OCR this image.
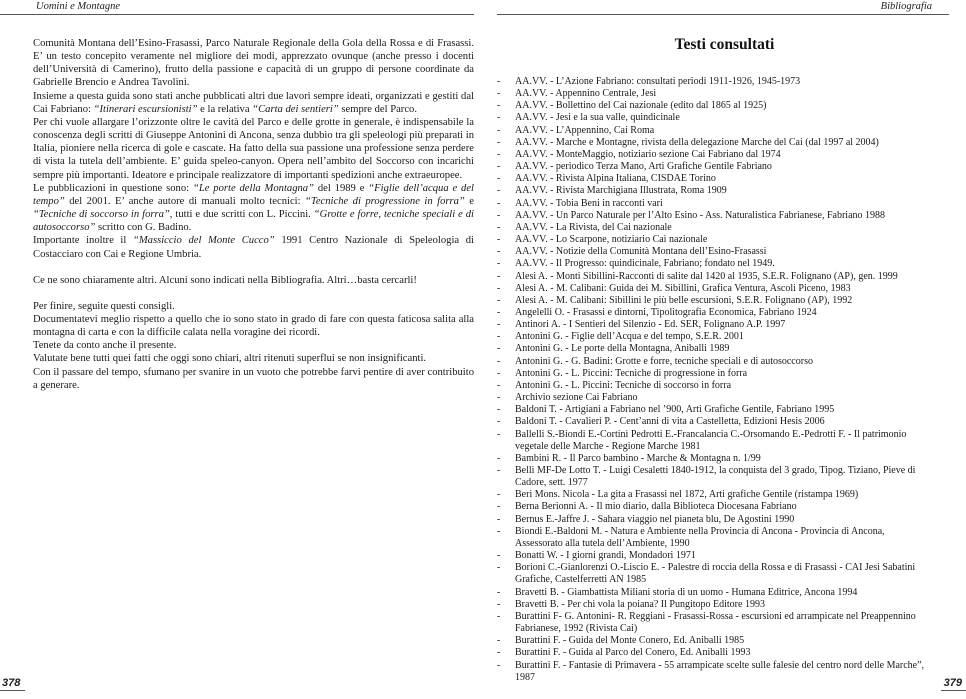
Uomini e Montagne

Comunità Montana dell’Esino-Frasassi, Parco Naturale Regionale della Gola della Rossa e di Frasassi. E’ un testo concepito veramente nel migliore dei modi, apprezzato ovunque (anche presso i docenti dell’Università di Camerino), frutto della passione e capacità di un gruppo di persone coordinate da Gabrielle Brencio e Andrea Tavolini.

Insieme a questa guida sono stati anche pubblicati altri due lavori sempre ideati, organizzati e gestiti dal Cai Fabriano: “Itinerari escursionisti” e la relativa “Carta dei sentieri” sempre del Parco.

Per chi vuole allargare l’orizzonte oltre le cavità del Parco e delle grotte in generale, è indispensabile la conoscenza degli scritti di Giuseppe Antonini di Ancona, senza dubbio tra gli speleologi più preparati in Italia, pioniere nella ricerca di gole e cascate. Ha fatto della sua passione una professione senza perdere di vista la tutela dell’ambiente. E’ guida speleo-canyon. Opera nell’ambito del Soccorso con incarichi sempre più importanti. Ideatore e principale realizzatore di importanti spedizioni anche extraeuropee.

Le pubblicazioni in questione sono: “Le porte della Montagna” del 1989 e “Figlie dell’acqua e del tempo” del 2001. E’ anche autore di manuali molto tecnici: “Tecniche di progressione in forra” e “Tecniche di soccorso in forra”, tutti e due scritti con L. Piccini. “Grotte e forre, tecniche speciali e di autosoccorso” scritto con G. Badino.

Importante inoltre il “Massiccio del Monte Cucco” 1991 Centro Nazionale di Speleologia di Costacciaro con Cai e Regione Umbria.

Ce ne sono chiaramente altri. Alcuni sono indicati nella Bibliografia. Altri…basta cercarli!

Per finire, seguite questi consigli.

Documentatevi meglio rispetto a quello che io sono stato in grado di fare con questa faticosa salita alla montagna di carta e con la difficile calata nella voragine dei ricordi.

Tenete da conto anche il presente.

Valutate bene tutti quei fatti che oggi sono chiari, altri ritenuti superflui se non insignificanti.

Con il passare del tempo, sfumano per svanire in un vuoto che potrebbe farvi pentire di aver contribuito a generare.

378
Bibliografia
Testi consultati
- AA.VV. - L’Azione Fabriano: consultati periodi 1911-1926, 1945-1973
- AA.VV. - Appennino Centrale, Jesi
- AA.VV. - Bollettino del Cai nazionale (edito dal 1865 al 1925)
- AA.VV. - Jesi e la sua valle, quindicinale
- AA.VV. - L’Appennino, Cai Roma
- AA.VV. - Marche e Montagne, rivista della delegazione Marche del Cai (dal 1997 al 2004)
- AA.VV. - MonteMaggio, notiziario sezione Cai Fabriano dal 1974
- AA.VV. - periodico Terza Mano, Arti Grafiche Gentile Fabriano
- AA.VV. - Rivista Alpina Italiana, CISDAE Torino
- AA.VV. - Rivista Marchigiana Illustrata, Roma 1909
- AA.VV. - Tobia Beni in racconti vari
- AA.VV. - Un Parco Naturale per l’Alto Esino - Ass. Naturalistica Fabrianese, Fabriano 1988
- AA.VV. - La Rivista, del Cai nazionale
- AA.VV. - Lo Scarpone, notiziario Cai nazionale
- AA.VV. - Notizie della Comunità Montana dell’Esino-Frasassi
- AA.VV. - Il Progresso: quindicinale, Fabriano; fondato nel 1949.
- Alesi A. - Monti Sibillini-Racconti di salite dal 1420 al 1935, S.E.R. Folignano (AP), gen. 1999
- Alesi A. - M. Calibani: Guida dei M. Sibillini, Grafica Ventura, Ascoli Piceno, 1983
- Alesi A. - M. Calibani: Sibillini le più belle escursioni, S.E.R. Folignano (AP), 1992
- Angelelli O. - Frasassi e dintorni, Tipolitografia Economica, Fabriano 1924
- Antinori A. - I Sentieri del Silenzio - Ed. SER, Folignano A.P. 1997
- Antonini G. - Figlie dell’Acqua e del tempo, S.E.R. 2001
- Antonini G. - Le porte della Montagna, Aniballi 1989
- Antonini G. - G. Badini: Grotte e forre, tecniche speciali e di autosoccorso
- Antonini G. - L. Piccini: Tecniche di progressione in forra
- Antonini G. - L. Piccini: Tecniche di soccorso in forra
- Archivio sezione Cai Fabriano
- Baldoni T. - Artigiani a Fabriano nel ’900, Arti Grafiche Gentile, Fabriano 1995
- Baldoni T. - Cavalieri P. - Cent’anni di vita a Castelletta, Edizioni Hesis 2006
- Ballelli S.-Biondi E.-Cortini Pedrotti E.-Francalancia C.-Orsomando E.-Pedrotti F. - Il patrimonio vegetale delle Marche - Regione Marche 1981
- Bambini R. - Il Parco bambino - Marche & Montagna n. 1/99
- Belli MF-De Lotto T. - Luigi Cesaletti 1840-1912, la conquista del 3 grado, Tipog. Tiziano, Pieve di Cadore, sett. 1977
- Beri Mons. Nicola - La gita a Frasassi nel 1872, Arti grafiche Gentile (ristampa 1969)
- Berna Berionni A. - Il mio diario, dalla Biblioteca Diocesana Fabriano
- Bernus E.-Jaffre J. - Sahara viaggio nel pianeta blu, De Agostini 1990
- Biondi E.-Baldoni M. - Natura e Ambiente nella Provincia di Ancona - Provincia di Ancona, Assessorato alla tutela dell’Ambiente, 1990
- Bonatti W. - I giorni grandi, Mondadori 1971
- Borioni C.-Gianlorenzi O.-Liscio E. - Palestre di roccia della Rossa e di Frasassi - CAI Jesi Sabatini Grafiche, Castelferretti AN 1985
- Bravetti B. - Giambattista Miliani storia di un uomo - Humana Editrice, Ancona 1994
- Bravetti B. - Per chi vola la poiana? Il Pungitopo Editore 1993
- Burattini F- G. Antonini- R. Reggiani - Frasassi-Rossa - escursioni ed arrampicate nel Preappennino Fabrianese, 1992 (Rivista Cai)
- Burattini F. - Guida del Monte Conero, Ed. Aniballi 1985
- Burattini F. - Guida al Parco del Conero, Ed. Aniballi 1993
- Burattini F. - Fantasie di Primavera - 55 arrampicate scelte sulle falesie del centro nord delle Marche”, 1987	379
